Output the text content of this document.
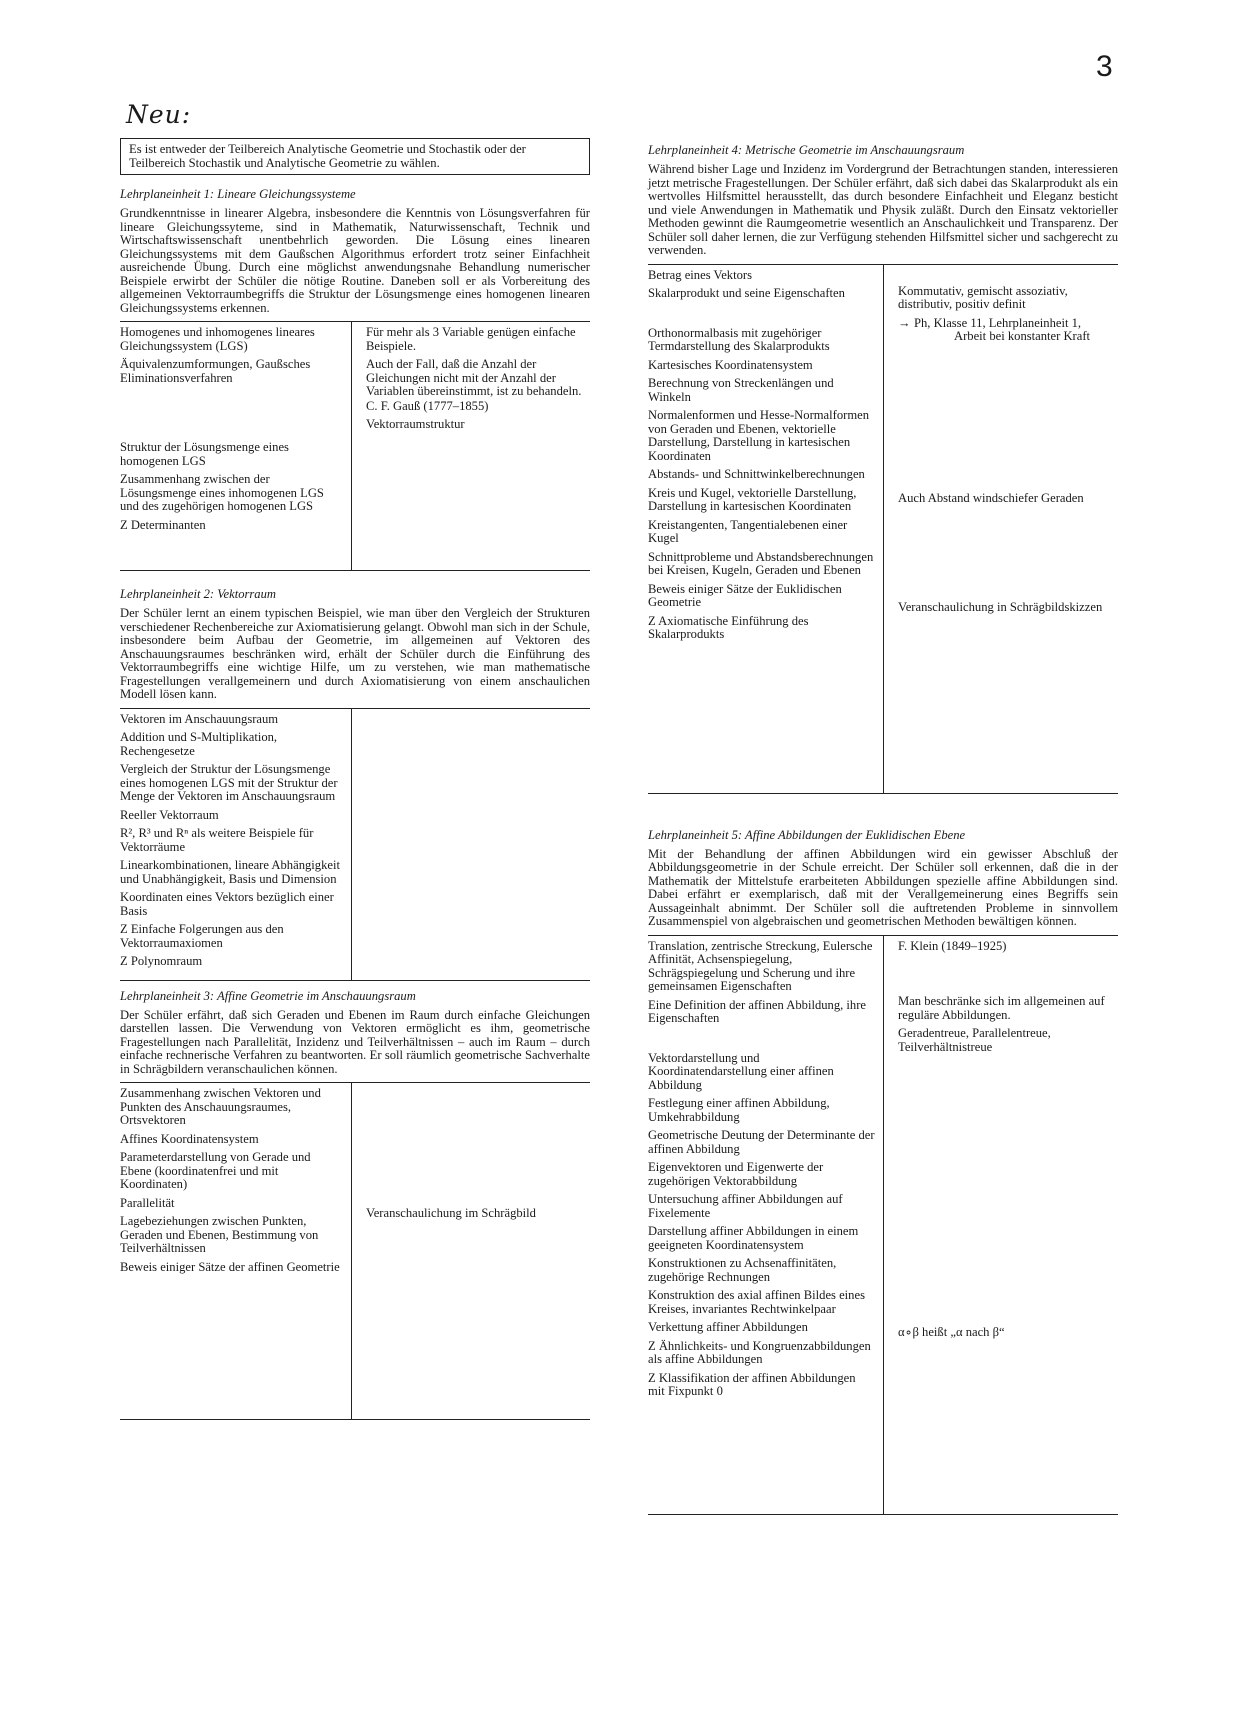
3
Neu:
Es ist entweder der Teilbereich Analytische Geometrie und Stochastik oder der Teilbereich Stochastik und Analytische Geometrie zu wählen.
Lehrplaneinheit 1: Lineare Gleichungssysteme
Grundkenntnisse in linearer Algebra, insbesondere die Kenntnis von Lösungsverfahren für lineare Gleichungssyteme, sind in Mathematik, Naturwissenschaft, Technik und Wirtschaftswissenschaft unentbehrlich geworden. Die Lösung eines linearen Gleichungssystems mit dem Gaußschen Algorithmus erfordert trotz seiner Einfachheit ausreichende Übung. Durch eine möglichst anwendungsnahe Behandlung numerischer Beispiele erwirbt der Schüler die nötige Routine. Daneben soll er als Vorbereitung des allgemeinen Vektorraumbegriffs die Struktur der Lösungsmenge eines homogenen linearen Gleichungssystems erkennen.
Homogenes und inhomogenes lineares Gleichungssystem (LGS)
Äquivalenzumformungen, Gaußsches Eliminationsverfahren
Struktur der Lösungsmenge eines homogenen LGS
Zusammenhang zwischen der Lösungsmenge eines inhomogenen LGS und des zugehörigen homogenen LGS
Z Determinanten
Für mehr als 3 Variable genügen einfache Beispiele.
Auch der Fall, daß die Anzahl der Gleichungen nicht mit der Anzahl der Variablen übereinstimmt, ist zu behandeln.
C. F. Gauß (1777–1855)
Vektorraumstruktur
Lehrplaneinheit 2: Vektorraum
Der Schüler lernt an einem typischen Beispiel, wie man über den Vergleich der Strukturen verschiedener Rechenbereiche zur Axiomatisierung gelangt. Obwohl man sich in der Schule, insbesondere beim Aufbau der Geometrie, im allgemeinen auf Vektoren des Anschauungsraumes beschränken wird, erhält der Schüler durch die Einführung des Vektorraumbegriffs eine wichtige Hilfe, um zu verstehen, wie man mathematische Fragestellungen verallgemeinern und durch Axiomatisierung von einem anschaulichen Modell lösen kann.
Vektoren im Anschauungsraum
Addition und S-Multiplikation, Rechengesetze
Vergleich der Struktur der Lösungsmenge eines homogenen LGS mit der Struktur der Menge der Vektoren im Anschauungsraum
Reeller Vektorraum
R², R³ und Rⁿ als weitere Beispiele für Vektorräume
Linearkombinationen, lineare Abhängigkeit und Unabhängigkeit, Basis und Dimension
Koordinaten eines Vektors bezüglich einer Basis
Z Einfache Folgerungen aus den Vektorraumaxiomen
Z Polynomraum
Lehrplaneinheit 3: Affine Geometrie im Anschauungsraum
Der Schüler erfährt, daß sich Geraden und Ebenen im Raum durch einfache Gleichungen darstellen lassen. Die Verwendung von Vektoren ermöglicht es ihm, geometrische Fragestellungen nach Parallelität, Inzidenz und Teilverhältnissen – auch im Raum – durch einfache rechnerische Verfahren zu beantworten. Er soll räumlich geometrische Sachverhalte in Schrägbildern veranschaulichen können.
Zusammenhang zwischen Vektoren und Punkten des Anschauungsraumes, Ortsvektoren
Affines Koordinatensystem
Parameterdarstellung von Gerade und Ebene (koordinatenfrei und mit Koordinaten)
Parallelität
Lagebeziehungen zwischen Punkten, Geraden und Ebenen, Bestimmung von Teilverhältnissen
Beweis einiger Sätze der affinen Geometrie
Veranschaulichung im Schrägbild
Lehrplaneinheit 4: Metrische Geometrie im Anschauungsraum
Während bisher Lage und Inzidenz im Vordergrund der Betrachtungen standen, interessieren jetzt metrische Fragestellungen. Der Schüler erfährt, daß sich dabei das Skalarprodukt als ein wertvolles Hilfsmittel herausstellt, das durch besondere Einfachheit und Eleganz besticht und viele Anwendungen in Mathematik und Physik zuläßt. Durch den Einsatz vektorieller Methoden gewinnt die Raumgeometrie wesentlich an Anschaulichkeit und Transparenz. Der Schüler soll daher lernen, die zur Verfügung stehenden Hilfsmittel sicher und sachgerecht zu verwenden.
Betrag eines Vektors
Skalarprodukt und seine Eigenschaften
Orthonormalbasis mit zugehöriger Termdarstellung des Skalarprodukts
Kartesisches Koordinatensystem
Berechnung von Streckenlängen und Winkeln
Normalenformen und Hesse-Normalformen von Geraden und Ebenen, vektorielle Darstellung, Darstellung in kartesischen Koordinaten
Abstands- und Schnittwinkelberechnungen
Kreis und Kugel, vektorielle Darstellung, Darstellung in kartesischen Koordinaten
Kreistangenten, Tangentialebenen einer Kugel
Schnittprobleme und Abstandsberechnungen bei Kreisen, Kugeln, Geraden und Ebenen
Beweis einiger Sätze der Euklidischen Geometrie
Z Axiomatische Einführung des Skalarprodukts
Kommutativ, gemischt assoziativ, distributiv, positiv definit
→ Ph, Klasse 11, Lehrplaneinheit 1,
Arbeit bei konstanter Kraft
Auch Abstand windschiefer Geraden
Veranschaulichung in Schrägbildskizzen
Lehrplaneinheit 5: Affine Abbildungen der Euklidischen Ebene
Mit der Behandlung der affinen Abbildungen wird ein gewisser Abschluß der Abbildungsgeometrie in der Schule erreicht. Der Schüler soll erkennen, daß die in der Mathematik der Mittelstufe erarbeiteten Abbildungen spezielle affine Abbildungen sind. Dabei erfährt er exemplarisch, daß mit der Verallgemeinerung eines Begriffs sein Aussageinhalt abnimmt. Der Schüler soll die auftretenden Probleme in sinnvollem Zusammenspiel von algebraischen und geometrischen Methoden bewältigen können.
Translation, zentrische Streckung, Eulersche Affinität, Achsenspiegelung, Schrägspiegelung und Scherung und ihre gemeinsamen Eigenschaften
Eine Definition der affinen Abbildung, ihre Eigenschaften
Vektordarstellung und Koordinatendarstellung einer affinen Abbildung
Festlegung einer affinen Abbildung, Umkehrabbildung
Geometrische Deutung der Determinante der affinen Abbildung
Eigenvektoren und Eigenwerte der zugehörigen Vektorabbildung
Untersuchung affiner Abbildungen auf Fixelemente
Darstellung affiner Abbildungen in einem geeigneten Koordinatensystem
Konstruktionen zu Achsenaffinitäten, zugehörige Rechnungen
Konstruktion des axial affinen Bildes eines Kreises, invariantes Rechtwinkelpaar
Verkettung affiner Abbildungen
Z Ähnlichkeits- und Kongruenzabbildungen als affine Abbildungen
Z Klassifikation der affinen Abbildungen mit Fixpunkt 0
F. Klein (1849–1925)
Man beschränke sich im allgemeinen auf reguläre Abbildungen.
Geradentreue, Parallelentreue, Teilverhältnistreue
α∘β heißt „α nach β“
